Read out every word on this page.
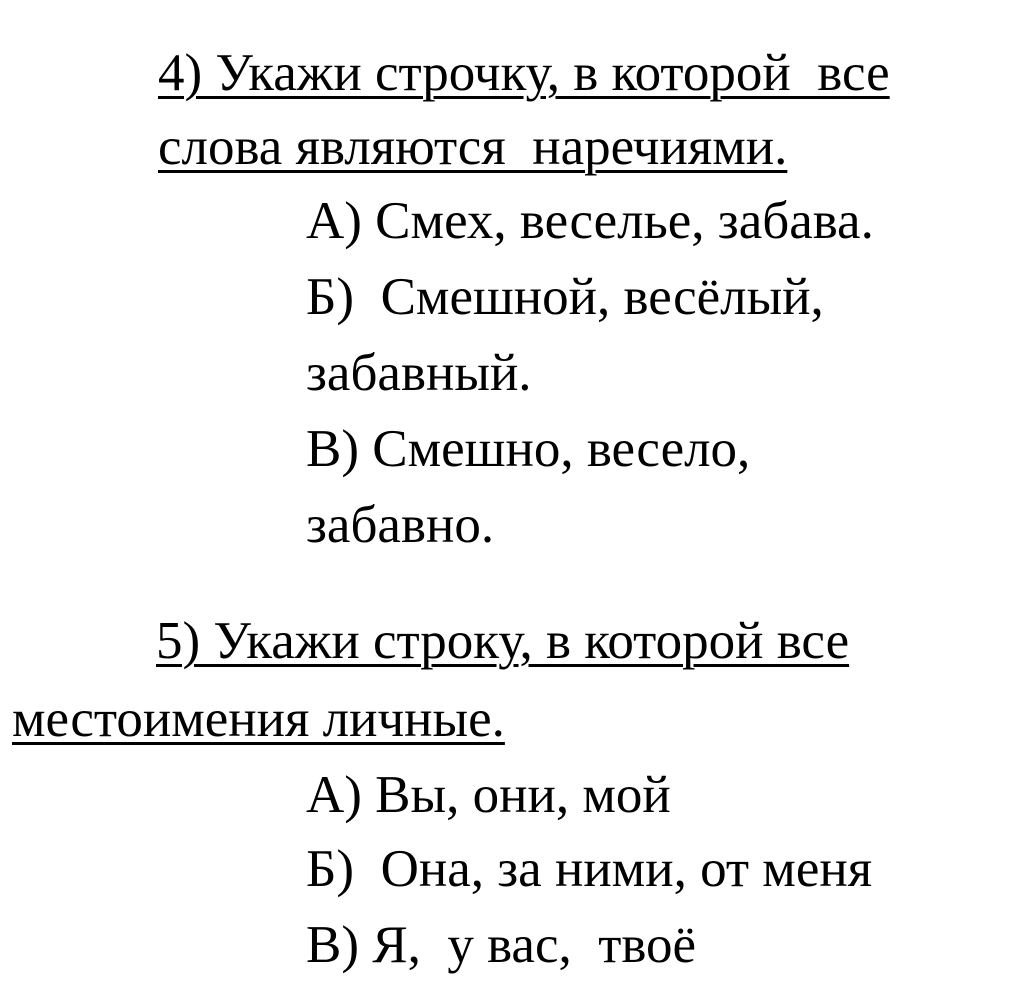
4) Укажи строчку, в которой  все
слова являются  наречиями.
А) Смех, веселье, забава.
Б)  Смешной, весёлый,
забавный.
В) Смешно, весело,
забавно.
5) Укажи строку, в которой все
местоимения личные.
А) Вы, они, мой
Б)  Она, за ними, от меня
В) Я,  у вас,  твоё
